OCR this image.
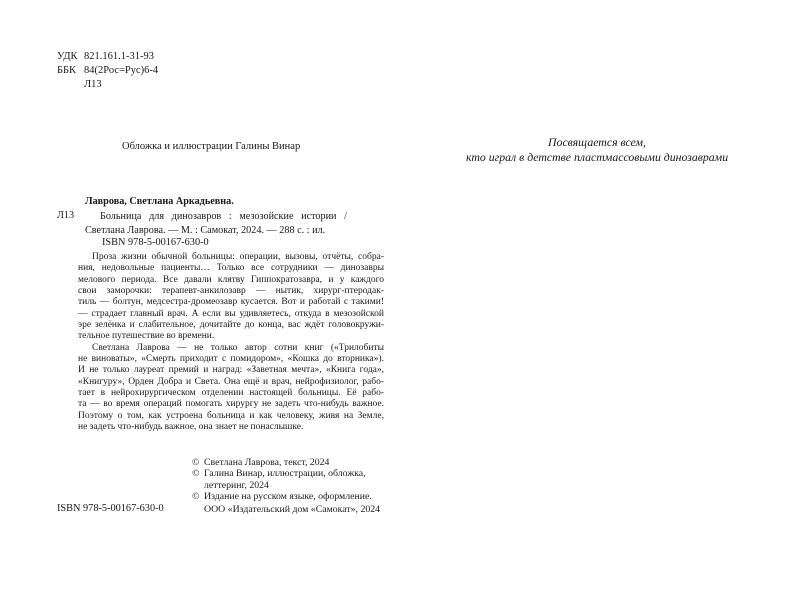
УДК 821.161.1-31-93
ББК 84(2Рос=Рус)6-4
Л13
Обложка и иллюстрации Галины Винар	Посвящается всем,
кто играл в детстве пластмассовыми динозаврами
Лаврова, Светлана Аркадьевна.
Л13	Больница для динозавров : мезозойские истории /
Светлана Лаврова. — М. : Самокат, 2024. — 288 с. : ил.
ISBN 978-5-00167-630-0
Проза жизни обычной больницы: операции, вызовы, отчёты, собра-
ния, недовольные пациенты… Только все сотрудники — динозавры
мелового периода. Все давали клятву Гиппократозавра, и у каждого
свои заморочки: терапевт-анкилозавр — нытик, хирург-птеродак-
тиль — болтун, медсестра-дромеозавр кусается. Вот и работай с такими!
— страдает главный врач. А если вы удивляетесь, откуда в мезозойской
эре зелёнка и слабительное, дочитайте до конца, вас ждёт головокружи-
тельное путешествие во времени.
Светлана Лаврова — не только автор сотни книг («Трилобиты
не виноваты», «Смерть приходит с помидором», «Кошка до вторника»).
И не только лауреат премий и наград: «Заветная мечта», «Книга года»,
«Книгуру», Орден Добра и Света. Она ещё и врач, нейрофизиолог, рабо-
тает в нейрохирургическом отделении настоящей больницы. Её рабо-
та — во время операций помогать хирургу не задеть что-нибудь важное.
Поэтому о том, как устроена больница и как человеку, живя на Земле,
не задеть что-нибудь важное, она знает не понаслышке.
© Светлана Лаврова, текст, 2024
© Галина Винар, иллюстрации, обложка,
леттеринг, 2024
© Издание на русском языке, оформление.
ООО «Издательский дом «Самокат», 2024
ISBN 978-5-00167-630-0
